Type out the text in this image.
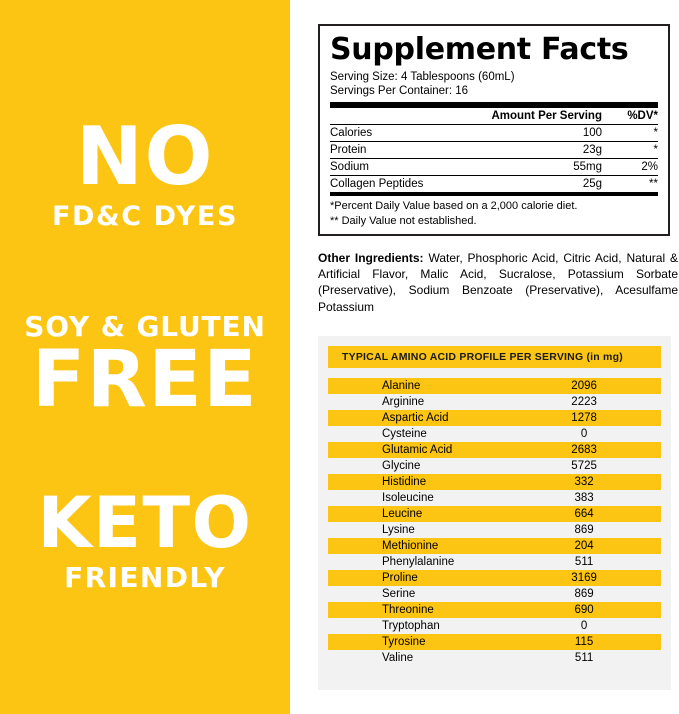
NO
FD&C DYES
SOY & GLUTEN
FREE
KETO
FRIENDLY
Supplement Facts
Serving Size: 4 Tablespoons (60mL)
Servings Per Container: 16
	Amount Per Serving	%DV*
Calories	100	*
Protein	23g	*
Sodium	55mg	2%
Collagen Peptides	25g	**
*Percent Daily Value based on a 2,000 calorie diet.
** Daily Value not established.
Other Ingredients: Water, Phosphoric Acid, Citric Acid, Natural & Artificial Flavor, Malic Acid, Sucralose, Potassium Sorbate (Preservative), Sodium Benzoate (Preservative), Acesulfame Potassium
TYPICAL AMINO ACID PROFILE PER SERVING (in mg)
Alanine	2096
Arginine	2223
Aspartic Acid	1278
Cysteine	0
Glutamic Acid	2683
Glycine	5725
Histidine	332
Isoleucine	383
Leucine	664
Lysine	869
Methionine	204
Phenylalanine	511
Proline	3169
Serine	869
Threonine	690
Tryptophan	0
Tyrosine	115
Valine	511
